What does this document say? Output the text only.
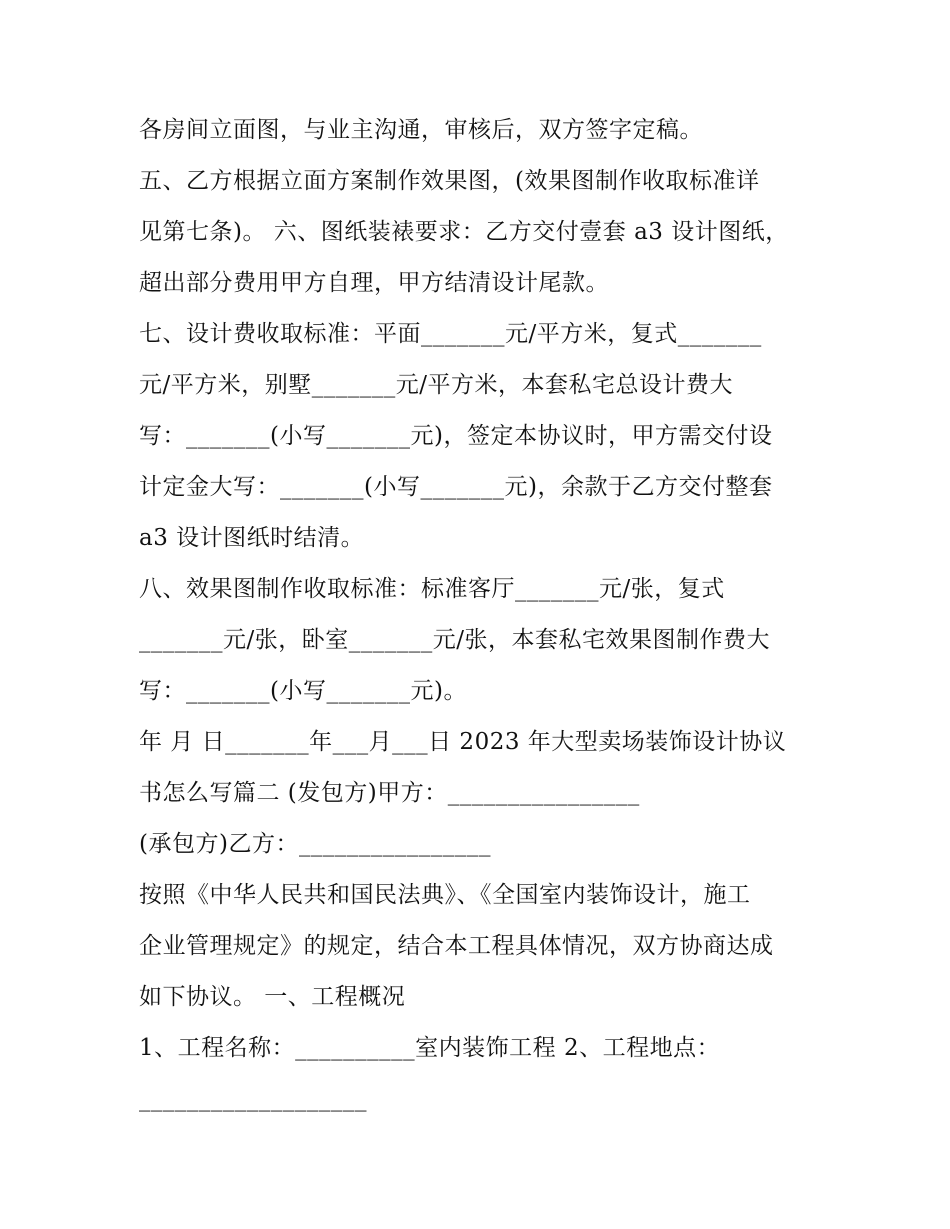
各房间立面图，与业主沟通，审核后，双方签字定稿。
五、乙方根据立面方案制作效果图，(效果图制作收取标准详
见第七条)。 六、图纸装裱要求：乙方交付壹套 a3 设计图纸，
超出部分费用甲方自理，甲方结清设计尾款。
七、设计费收取标准：平面_______元/平方米，复式_______
元/平方米，别墅_______元/平方米，本套私宅总设计费大
写：_______(小写_______元)，签定本协议时，甲方需交付设
计定金大写：_______(小写_______元)，余款于乙方交付整套
a3 设计图纸时结清。
八、效果图制作收取标准：标准客厅_______元/张，复式
_______元/张，卧室_______元/张，本套私宅效果图制作费大
写：_______(小写_______元)。
年 月 日_______年___月___日 2023 年大型卖场装饰设计协议
书怎么写篇二 (发包方)甲方：________________
(承包方)乙方：________________
按照《中华人民共和国民法典》、《全国室内装饰设计，施工
企业管理规定》的规定，结合本工程具体情况，双方协商达成
如下协议。 一、工程概况
1、工程名称：__________室内装饰工程 2、工程地点：
___________________
